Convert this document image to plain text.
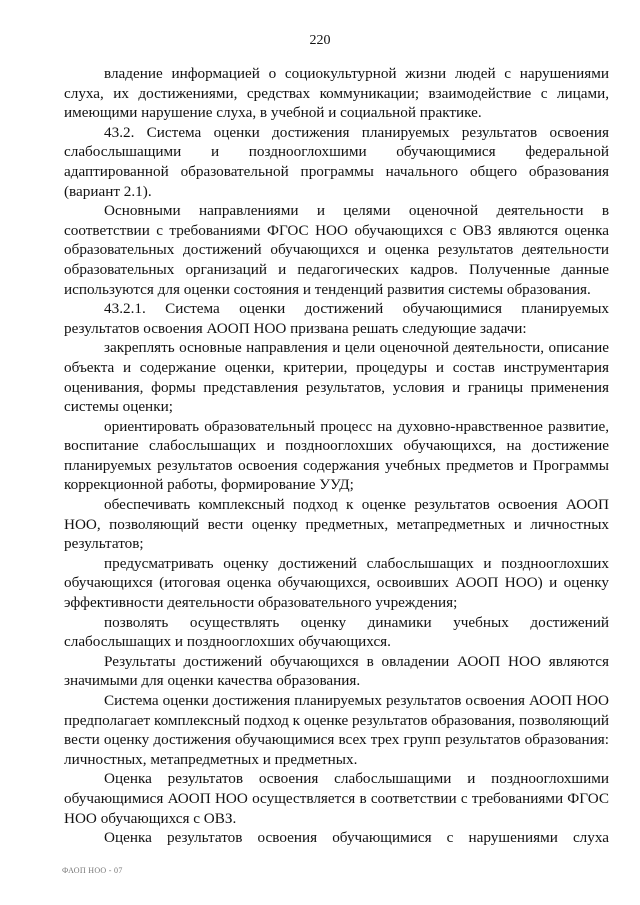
220

владение информацией о социокультурной жизни людей с нарушениями слуха, их достижениями, средствах коммуникации; взаимодействие с лицами, имеющими нарушение слуха, в учебной и социальной практике.

43.2. Система оценки достижения планируемых результатов освоения слабослышащими и позднооглохшими обучающимися федеральной адаптированной образовательной программы начального общего образования (вариант 2.1).

Основными направлениями и целями оценочной деятельности в соответствии с требованиями ФГОС НОО обучающихся с ОВЗ являются оценка образовательных достижений обучающихся и оценка результатов деятельности образовательных организаций и педагогических кадров. Полученные данные используются для оценки состояния и тенденций развития системы образования.

43.2.1. Система оценки достижений обучающимися планируемых результатов освоения АООП НОО призвана решать следующие задачи:

закреплять основные направления и цели оценочной деятельности, описание объекта и содержание оценки, критерии, процедуры и состав инструментария оценивания, формы представления результатов, условия и границы применения системы оценки;

ориентировать образовательный процесс на духовно-нравственное развитие, воспитание слабослышащих и позднооглохших обучающихся, на достижение планируемых результатов освоения содержания учебных предметов и Программы коррекционной работы, формирование УУД;

обеспечивать комплексный подход к оценке результатов освоения АООП НОО, позволяющий вести оценку предметных, метапредметных и личностных результатов;

предусматривать оценку достижений слабослышащих и позднооглохших обучающихся (итоговая оценка обучающихся, освоивших АООП НОО) и оценку эффективности деятельности образовательного учреждения;

позволять осуществлять оценку динамики учебных достижений слабослышащих и позднооглохших обучающихся.

Результаты достижений обучающихся в овладении АООП НОО являются значимыми для оценки качества образования.

Система оценки достижения планируемых результатов освоения АООП НОО предполагает комплексный подход к оценке результатов образования, позволяющий вести оценку достижения обучающимися всех трех групп результатов образования: личностных, метапредметных и предметных.

Оценка результатов освоения слабослышащими и позднооглохшими обучающимися АООП НОО осуществляется в соответствии с требованиями ФГОС НОО обучающихся с ОВЗ.

Оценка результатов освоения обучающимися с нарушениями слуха

ФАОП НОО - 07
